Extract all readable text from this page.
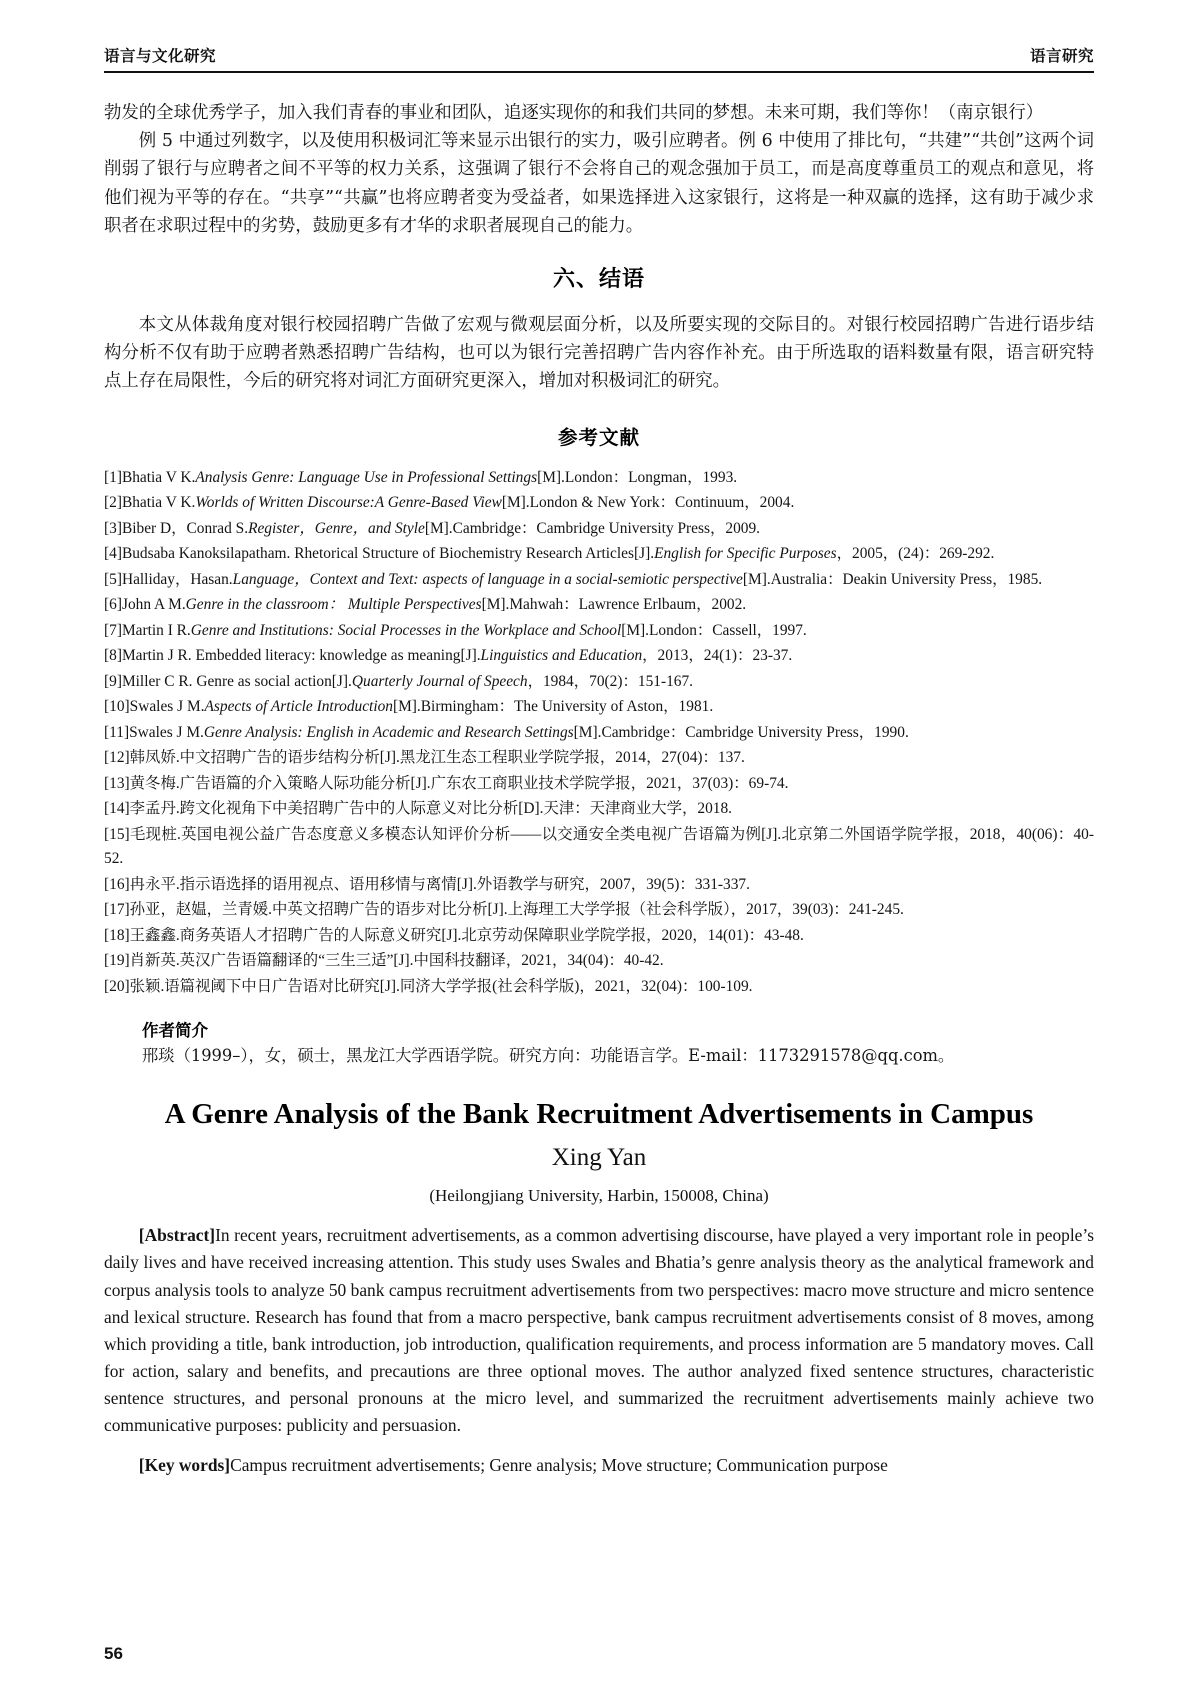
语言与文化研究	语言研究

勃发的全球优秀学子，加入我们青春的事业和团队，追逐实现你的和我们共同的梦想。未来可期，我们等你！（南京银行）

例 5 中通过列数字，以及使用积极词汇等来显示出银行的实力，吸引应聘者。例 6 中使用了排比句，“共建”“共创”这两个词削弱了银行与应聘者之间不平等的权力关系，这强调了银行不会将自己的观念强加于员工，而是高度尊重员工的观点和意见，将他们视为平等的存在。“共享”“共赢”也将应聘者变为受益者，如果选择进入这家银行，这将是一种双赢的选择，这有助于减少求职者在求职过程中的劣势，鼓励更多有才华的求职者展现自己的能力。

六、结语

本文从体裁角度对银行校园招聘广告做了宏观与微观层面分析，以及所要实现的交际目的。对银行校园招聘广告进行语步结构分析不仅有助于应聘者熟悉招聘广告结构，也可以为银行完善招聘广告内容作补充。由于所选取的语料数量有限，语言研究特点上存在局限性，今后的研究将对词汇方面研究更深入，增加对积极词汇的研究。

参考文献
[1]Bhatia V K.Analysis Genre: Language Use in Professional Settings[M].London：Longman，1993.
[2]Bhatia V K.Worlds of Written Discourse:A Genre-Based View[M].London & New York：Continuum，2004.
[3]Biber D，Conrad S.Register，Genre，and Style[M].Cambridge：Cambridge University Press，2009.
[4]Budsaba Kanoksilapatham. Rhetorical Structure of Biochemistry Research Articles[J].English for Specific Purposes，2005，(24)：269-292.
[5]Halliday，Hasan.Language，Context and Text: aspects of language in a social-semiotic perspective[M].Australia：Deakin University Press，1985.
[6]John A M.Genre in the classroom： Multiple Perspectives[M].Mahwah：Lawrence Erlbaum，2002.
[7]Martin I R.Genre and Institutions: Social Processes in the Workplace and School[M].London：Cassell，1997.
[8]Martin J R. Embedded literacy: knowledge as meaning[J].Linguistics and Education，2013，24(1)：23-37.
[9]Miller C R. Genre as social action[J].Quarterly Journal of Speech，1984，70(2)：151-167.
[10]Swales J M.Aspects of Article Introduction[M].Birmingham：The University of Aston，1981.
[11]Swales J M.Genre Analysis: English in Academic and Research Settings[M].Cambridge：Cambridge University Press，1990.
[12]韩凤娇.中文招聘广告的语步结构分析[J].黑龙江生态工程职业学院学报，2014，27(04)：137.
[13]黄冬梅.广告语篇的介入策略人际功能分析[J].广东农工商职业技术学院学报，2021，37(03)：69-74.
[14]李孟丹.跨文化视角下中美招聘广告中的人际意义对比分析[D].天津：天津商业大学，2018.
[15]毛现桩.英国电视公益广告态度意义多模态认知评价分析——以交通安全类电视广告语篇为例[J].北京第二外国语学院学报，2018，40(06)：40-52.
[16]冉永平.指示语选择的语用视点、语用移情与离情[J].外语教学与研究，2007，39(5)：331-337.
[17]孙亚，赵媪，兰青媛.中英文招聘广告的语步对比分析[J].上海理工大学学报（社会科学版），2017，39(03)：241-245.
[18]王鑫鑫.商务英语人才招聘广告的人际意义研究[J].北京劳动保障职业学院学报，2020，14(01)：43-48.
[19]肖新英.英汉广告语篇翻译的“三生三适”[J].中国科技翻译，2021，34(04)：40-42.
[20]张颖.语篇视阈下中日广告语对比研究[J].同济大学学报(社会科学版)，2021，32(04)：100-109.
作者简介
邢琰（1999–），女，硕士，黑龙江大学西语学院。研究方向：功能语言学。E-mail：1173291578@qq.com。
A Genre Analysis of the Bank Recruitment Advertisements in Campus
Xing Yan
(Heilongjiang University, Harbin, 150008, China)

[Abstract]In recent years, recruitment advertisements, as a common advertising discourse, have played a very important role in people’s daily lives and have received increasing attention. This study uses Swales and Bhatia’s genre analysis theory as the analytical framework and corpus analysis tools to analyze 50 bank campus recruitment advertisements from two perspectives: macro move structure and micro sentence and lexical structure. Research has found that from a macro perspective, bank campus recruitment advertisements consist of 8 moves, among which providing a title, bank introduction, job introduction, qualification requirements, and process information are 5 mandatory moves. Call for action, salary and benefits, and precautions are three optional moves. The author analyzed fixed sentence structures, characteristic sentence structures, and personal pronouns at the micro level, and summarized the recruitment advertisements mainly achieve two communicative purposes: publicity and persuasion.

[Key words]Campus recruitment advertisements; Genre analysis; Move structure; Communication purpose

56
